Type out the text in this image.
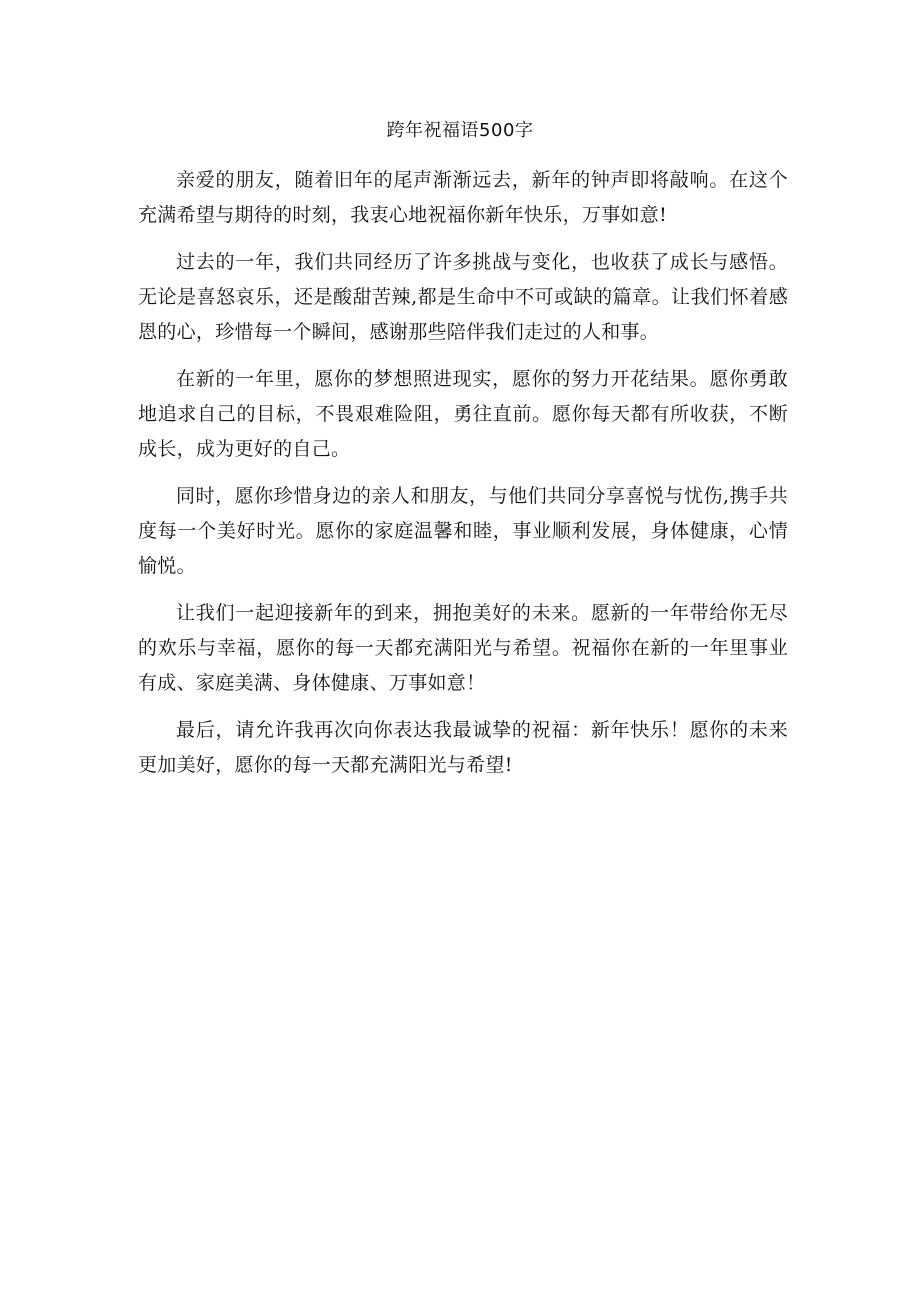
跨年祝福语500字

亲爱的朋友，随着旧年的尾声渐渐远去，新年的钟声即将敲响。在这个充满希望与期待的时刻，我衷心地祝福你新年快乐，万事如意!

过去的一年，我们共同经历了许多挑战与变化，也收获了成长与感悟。无论是喜怒哀乐，还是酸甜苦辣,都是生命中不可或缺的篇章。让我们怀着感恩的心，珍惜每一个瞬间，感谢那些陪伴我们走过的人和事。

在新的一年里，愿你的梦想照进现实，愿你的努力开花结果。愿你勇敢地追求自己的目标，不畏艰难险阻，勇往直前。愿你每天都有所收获，不断成长，成为更好的自己。

同时，愿你珍惜身边的亲人和朋友，与他们共同分享喜悦与忧伤,携手共度每一个美好时光。愿你的家庭温馨和睦，事业顺利发展，身体健康，心情愉悦。

让我们一起迎接新年的到来，拥抱美好的未来。愿新的一年带给你无尽的欢乐与幸福，愿你的每一天都充满阳光与希望。祝福你在新的一年里事业有成、家庭美满、身体健康、万事如意！

最后，请允许我再次向你表达我最诚挚的祝福：新年快乐！愿你的未来更加美好，愿你的每一天都充满阳光与希望!
